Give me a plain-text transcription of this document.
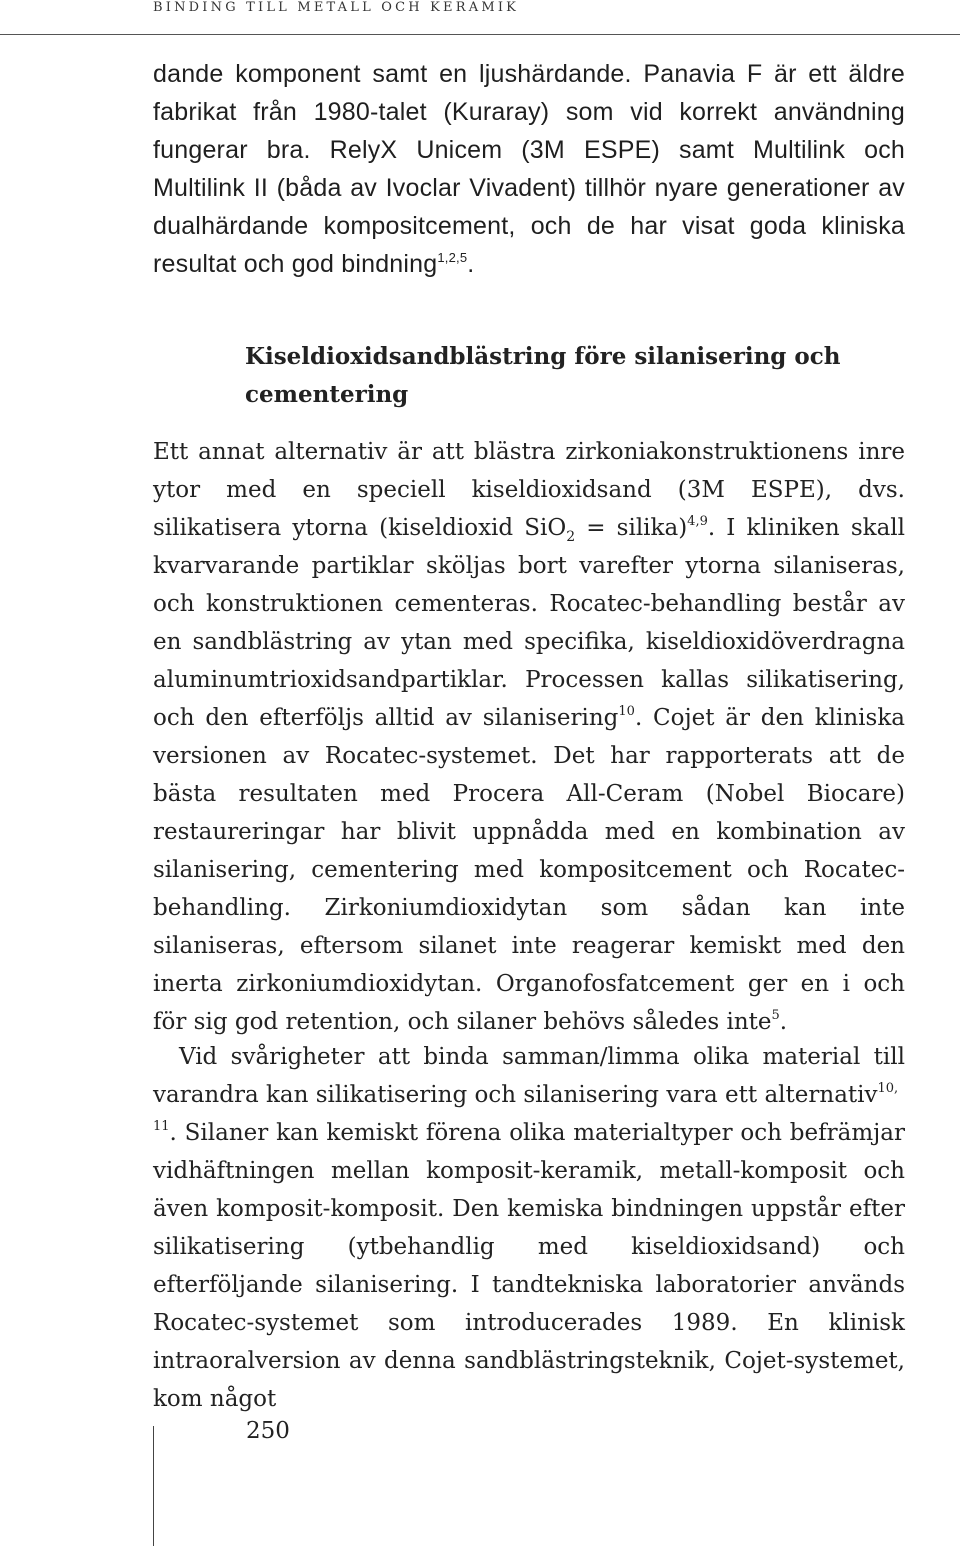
BINDING TILL METALL OCH KERAMIK

dande komponent samt en ljushärdande. Panavia F är ett äldre fabrikat från 1980-talet (Kuraray) som vid korrekt användning fungerar bra. RelyX Unicem (3M ESPE) samt Multilink och Multilink II (båda av Ivoclar Vivadent) tillhör nyare generationer av dualhärdande kompositcement, och de har visat goda kliniska resultat och god bindning$^{1,2,5}$.

Kiseldioxidsandblästring före silanisering och cementering

Ett annat alternativ är att blästra zirkoniakonstruktionens inre ytor med en speciell kiseldioxidsand (3M ESPE), dvs. silikatisera ytorna (kiseldioxid SiO$_2$ = silika)$^{4,9}$. I kliniken skall kvarvarande partiklar sköljas bort varefter ytorna silaniseras, och konstruktionen cementeras. Rocatec-behandling består av en sandblästring av ytan med specifika, kiseldioxidöverdragna aluminumtrioxidsandpartiklar. Processen kallas silikatisering, och den efterföljs alltid av silanisering$^{10}$. Cojet är den kliniska versionen av Rocatec-systemet. Det har rapporterats att de bästa resultaten med Procera All-Ceram (Nobel Biocare) restaureringar har blivit uppnådda med en kombination av silanisering, cementering med kompositcement och Rocatec-behandling. Zirkoniumdioxidytan som sådan kan inte silaniseras, eftersom silanet inte reagerar kemiskt med den inerta zirkoniumdioxidytan. Organofosfatcement ger en i och för sig god retention, och silaner behövs således inte$^5$.

Vid svårigheter att binda samman/limma olika material till varandra kan silikatisering och silanisering vara ett alternativ$^{10,}$
$^{11}$. Silaner kan kemiskt förena olika materialtyper och befrämjar vidhäftningen mellan komposit-keramik, metall-komposit och även komposit-komposit. Den kemiska bindningen uppstår efter silikatisering (ytbehandlig med kiseldioxidsand) och efterföljande silanisering. I tandtekniska laboratorier används Rocatec-systemet som introducerades 1989. En klinisk intraoralversion av denna sandblästringsteknik, Cojet-systemet, kom något

250
